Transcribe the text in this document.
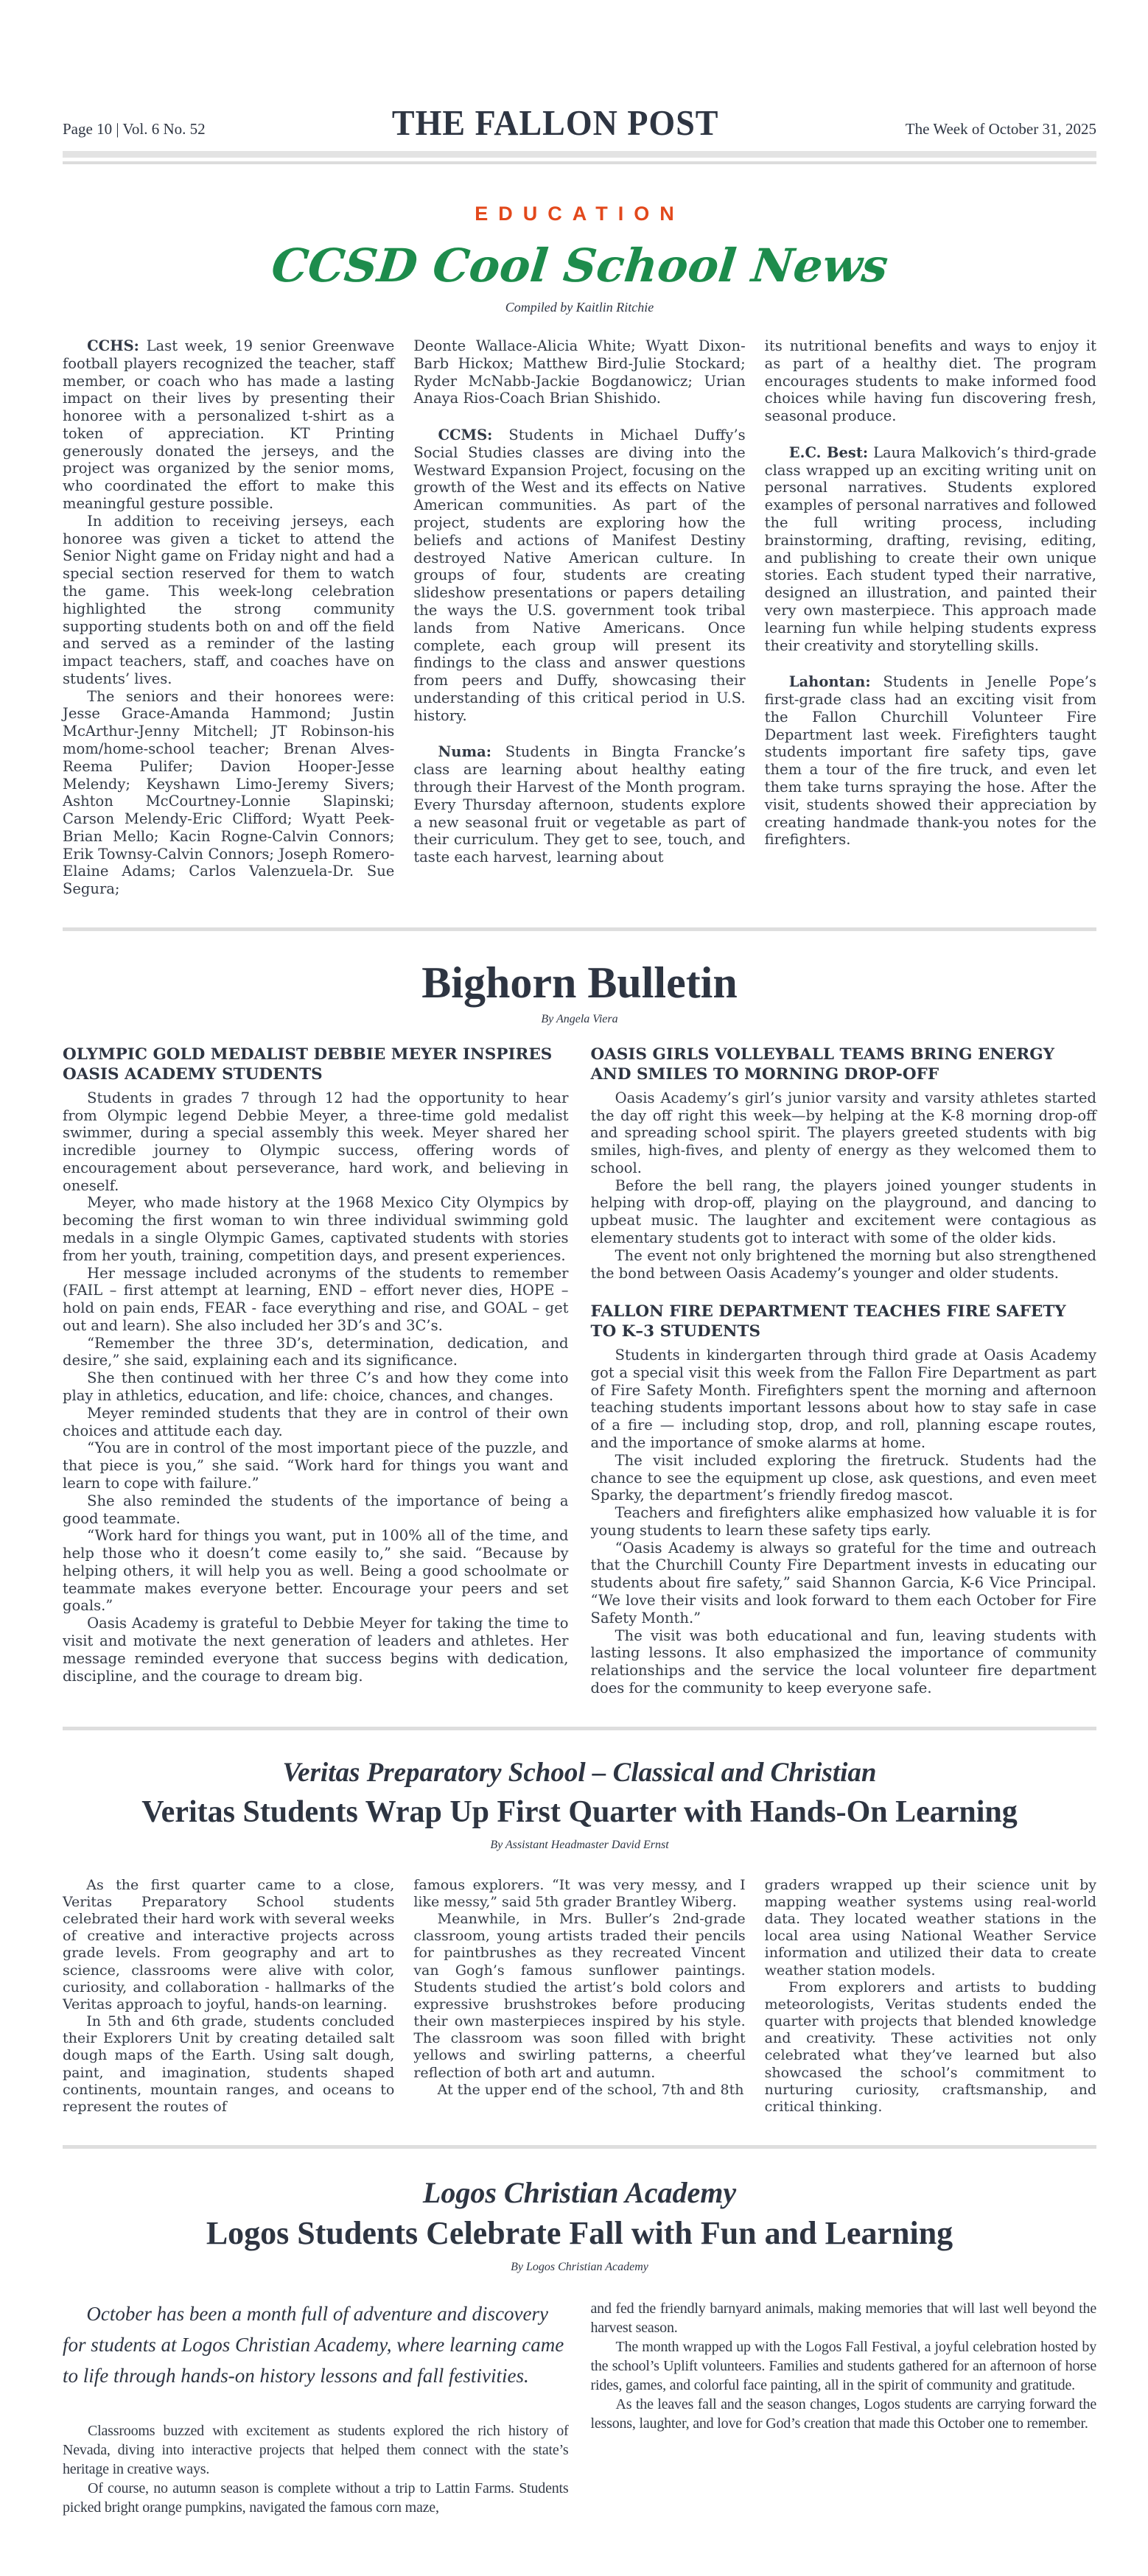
Page 10 | Vol. 6 No. 52	THE FALLON POST	The Week of October 31, 2025
EDUCATION
CCSD Cool School News
Compiled by Kaitlin Ritchie

CCHS: Last week, 19 senior Greenwave football players recognized the teacher, staff member, or coach who has made a lasting impact on their lives by presenting their honoree with a personalized t-shirt as a token of appreciation. KT Printing generously donated the jerseys, and the project was organized by the senior moms, who coordinated the effort to make this meaningful gesture possible.

In addition to receiving jerseys, each honoree was given a ticket to attend the Senior Night game on Friday night and had a special section reserved for them to watch the game. This week-long celebration highlighted the strong community supporting students both on and off the field and served as a reminder of the lasting impact teachers, staff, and coaches have on students’ lives.

The seniors and their honorees were: Jesse Grace-Amanda Hammond; Justin McArthur-Jenny Mitchell; JT Robinson-his mom/home-school teacher; Brenan Alves-Reema Pulifer; Davion Hooper-Jesse Melendy; Keyshawn Limo-Jeremy Sivers; Ashton McCourtney-Lonnie Slapinski; Carson Melendy-Eric Clifford; Wyatt Peek-Brian Mello; Kacin Rogne-Calvin Connors; Erik Townsy-Calvin Connors; Joseph Romero-Elaine Adams; Carlos Valenzuela-Dr. Sue Segura;

Deonte Wallace-Alicia White; Wyatt Dixon-Barb Hickox; Matthew Bird-Julie Stockard; Ryder McNabb-Jackie Bogdanowicz; Urian Anaya Rios-Coach Brian Shishido.

CCMS: Students in Michael Duffy’s Social Studies classes are diving into the Westward Expansion Project, focusing on the growth of the West and its effects on Native American communities. As part of the project, students are exploring how the beliefs and actions of Manifest Destiny destroyed Native American culture. In groups of four, students are creating slideshow presentations or papers detailing the ways the U.S. government took tribal lands from Native Americans. Once complete, each group will present its findings to the class and answer questions from peers and Duffy, showcasing their understanding of this critical period in U.S. history.

Numa: Students in Bingta Francke’s class are learning about healthy eating through their Harvest of the Month program. Every Thursday afternoon, students explore a new seasonal fruit or vegetable as part of their curriculum. They get to see, touch, and taste each harvest, learning about

its nutritional benefits and ways to enjoy it as part of a healthy diet. The program encourages students to make informed food choices while having fun discovering fresh, seasonal produce.

E.C. Best: Laura Malkovich’s third-grade class wrapped up an exciting writing unit on personal narratives. Students explored examples of personal narratives and followed the full writing process, including brainstorming, drafting, revising, editing, and publishing to create their own unique stories. Each student typed their narrative, designed an illustration, and painted their very own masterpiece. This approach made learning fun while helping students express their creativity and storytelling skills.

Lahontan: Students in Jenelle Pope’s first-grade class had an exciting visit from the Fallon Churchill Volunteer Fire Department last week. Firefighters taught students important fire safety tips, gave them a tour of the fire truck, and even let them take turns spraying the hose. After the visit, students showed their appreciation by creating handmade thank-you notes for the firefighters.

Bighorn Bulletin
By Angela Viera
OLYMPIC GOLD MEDALIST DEBBIE MEYER INSPIRES OASIS ACADEMY STUDENTS

Students in grades 7 through 12 had the opportunity to hear from Olympic legend Debbie Meyer, a three-time gold medalist swimmer, during a special assembly this week. Meyer shared her incredible journey to Olympic success, offering words of encouragement about perseverance, hard work, and believing in oneself.

Meyer, who made history at the 1968 Mexico City Olympics by becoming the first woman to win three individual swimming gold medals in a single Olympic Games, captivated students with stories from her youth, training, competition days, and present experiences.

Her message included acronyms of the students to remember (FAIL – first attempt at learning, END – effort never dies, HOPE – hold on pain ends, FEAR - face everything and rise, and GOAL – get out and learn). She also included her 3D’s and 3C’s.

“Remember the three 3D’s, determination, dedication, and desire,” she said, explaining each and its significance.

She then continued with her three C’s and how they come into play in athletics, education, and life: choice, chances, and changes.

Meyer reminded students that they are in control of their own choices and attitude each day.

“You are in control of the most important piece of the puzzle, and that piece is you,” she said. “Work hard for things you want and learn to cope with failure.”

She also reminded the students of the importance of being a good teammate.

“Work hard for things you want, put in 100% all of the time, and help those who it doesn’t come easily to,” she said. “Because by helping others, it will help you as well. Being a good schoolmate or teammate makes everyone better. Encourage your peers and set goals.”

Oasis Academy is grateful to Debbie Meyer for taking the time to visit and motivate the next generation of leaders and athletes. Her message reminded everyone that success begins with dedication, discipline, and the courage to dream big.

OASIS GIRLS VOLLEYBALL TEAMS BRING ENERGY AND SMILES TO MORNING DROP-OFF

Oasis Academy’s girl’s junior varsity and varsity athletes started the day off right this week—by helping at the K-8 morning drop-off and spreading school spirit. The players greeted students with big smiles, high-fives, and plenty of energy as they welcomed them to school.

Before the bell rang, the players joined younger students in helping with drop-off, playing on the playground, and dancing to upbeat music. The laughter and excitement were contagious as elementary students got to interact with some of the older kids.

The event not only brightened the morning but also strengthened the bond between Oasis Academy’s younger and older students.

FALLON FIRE DEPARTMENT TEACHES FIRE SAFETY TO K–3 STUDENTS

Students in kindergarten through third grade at Oasis Academy got a special visit this week from the Fallon Fire Department as part of Fire Safety Month. Firefighters spent the morning and afternoon teaching students important lessons about how to stay safe in case of a fire — including stop, drop, and roll, planning escape routes, and the importance of smoke alarms at home.

The visit included exploring the firetruck. Students had the chance to see the equipment up close, ask questions, and even meet Sparky, the department’s friendly firedog mascot.

Teachers and firefighters alike emphasized how valuable it is for young students to learn these safety tips early.

“Oasis Academy is always so grateful for the time and outreach that the Churchill County Fire Department invests in educating our students about fire safety,” said Shannon Garcia, K-6 Vice Principal. “We love their visits and look forward to them each October for Fire Safety Month.”

The visit was both educational and fun, leaving students with lasting lessons. It also emphasized the importance of community relationships and the service the local volunteer fire department does for the community to keep everyone safe.

Veritas Preparatory School – Classical and Christian
Veritas Students Wrap Up First Quarter with Hands-On Learning
By Assistant Headmaster David Ernst

As the first quarter came to a close, Veritas Preparatory School students celebrated their hard work with several weeks of creative and interactive projects across grade levels. From geography and art to science, classrooms were alive with color, curiosity, and collaboration - hallmarks of the Veritas approach to joyful, hands-on learning.

In 5th and 6th grade, students concluded their Explorers Unit by creating detailed salt dough maps of the Earth. Using salt dough, paint, and imagination, students shaped continents, mountain ranges, and oceans to represent the routes of

famous explorers. “It was very messy, and I like messy,” said 5th grader Brantley Wiberg.

Meanwhile, in Mrs. Buller’s 2nd-grade classroom, young artists traded their pencils for paintbrushes as they recreated Vincent van Gogh’s famous sunflower paintings. Students studied the artist’s bold colors and expressive brushstrokes before producing their own masterpieces inspired by his style. The classroom was soon filled with bright yellows and swirling patterns, a cheerful reflection of both art and autumn.

At the upper end of the school, 7th and 8th

graders wrapped up their science unit by mapping weather systems using real-world data. They located weather stations in the local area using National Weather Service information and utilized their data to create weather station models.

From explorers and artists to budding meteorologists, Veritas students ended the quarter with projects that blended knowledge and creativity. These activities not only celebrated what they’ve learned but also showcased the school’s commitment to nurturing curiosity, craftsmanship, and critical thinking.

Logos Christian Academy
Logos Students Celebrate Fall with Fun and Learning
By Logos Christian Academy

October has been a month full of adventure and discovery for students at Logos Christian Academy, where learning came to life through hands-on history lessons and fall festivities.

Classrooms buzzed with excitement as students explored the rich history of Nevada, diving into interactive projects that helped them connect with the state’s heritage in creative ways.

Of course, no autumn season is complete without a trip to Lattin Farms. Students picked bright orange pumpkins, navigated the famous corn maze,

and fed the friendly barnyard animals, making memories that will last well beyond the harvest season.

The month wrapped up with the Logos Fall Festival, a joyful celebration hosted by the school’s Uplift volunteers. Families and students gathered for an afternoon of horse rides, games, and colorful face painting, all in the spirit of community and gratitude.

As the leaves fall and the season changes, Logos students are carrying forward the lessons, laughter, and love for God’s creation that made this October one to remember.
